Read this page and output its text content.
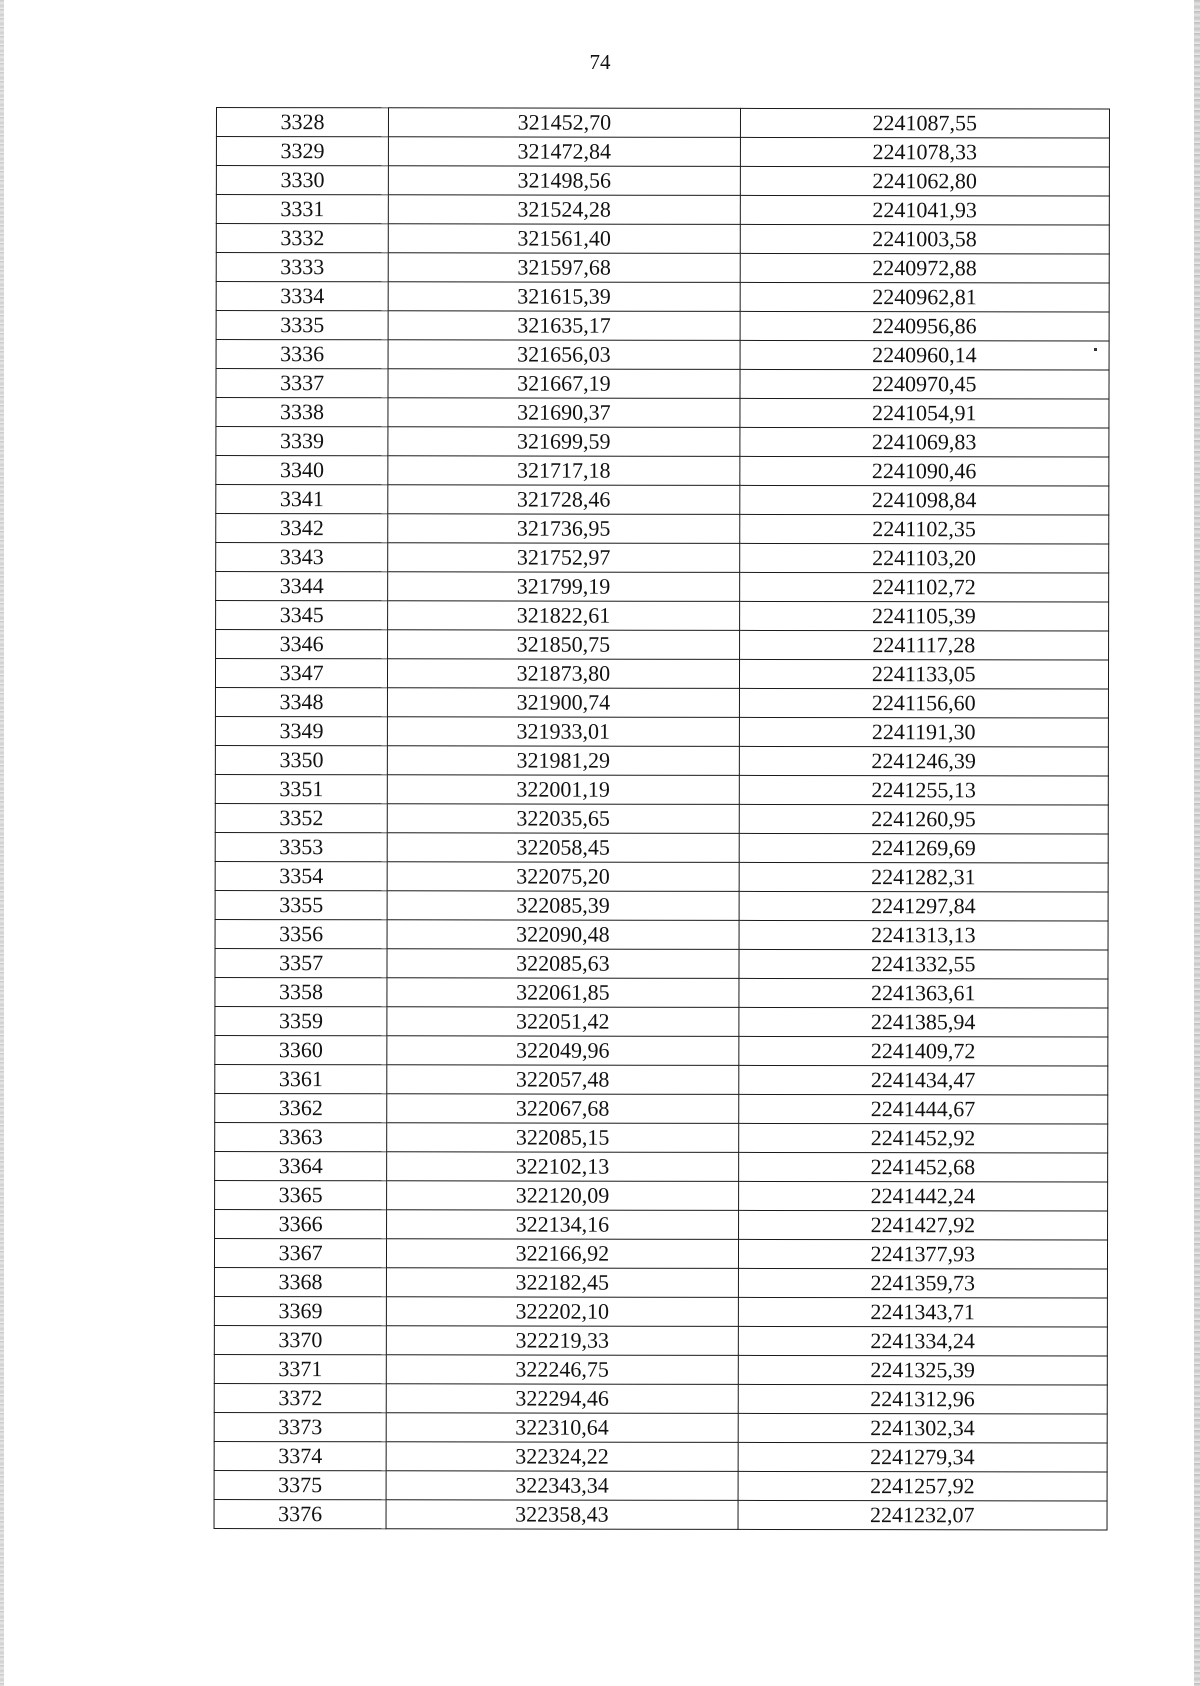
74
3328	321452,70	2241087,55
3329	321472,84	2241078,33
3330	321498,56	2241062,80
3331	321524,28	2241041,93
3332	321561,40	2241003,58
3333	321597,68	2240972,88
3334	321615,39	2240962,81
3335	321635,17	2240956,86
3336	321656,03	2240960,14
3337	321667,19	2240970,45
3338	321690,37	2241054,91
3339	321699,59	2241069,83
3340	321717,18	2241090,46
3341	321728,46	2241098,84
3342	321736,95	2241102,35
3343	321752,97	2241103,20
3344	321799,19	2241102,72
3345	321822,61	2241105,39
3346	321850,75	2241117,28
3347	321873,80	2241133,05
3348	321900,74	2241156,60
3349	321933,01	2241191,30
3350	321981,29	2241246,39
3351	322001,19	2241255,13
3352	322035,65	2241260,95
3353	322058,45	2241269,69
3354	322075,20	2241282,31
3355	322085,39	2241297,84
3356	322090,48	2241313,13
3357	322085,63	2241332,55
3358	322061,85	2241363,61
3359	322051,42	2241385,94
3360	322049,96	2241409,72
3361	322057,48	2241434,47
3362	322067,68	2241444,67
3363	322085,15	2241452,92
3364	322102,13	2241452,68
3365	322120,09	2241442,24
3366	322134,16	2241427,92
3367	322166,92	2241377,93
3368	322182,45	2241359,73
3369	322202,10	2241343,71
3370	322219,33	2241334,24
3371	322246,75	2241325,39
3372	322294,46	2241312,96
3373	322310,64	2241302,34
3374	322324,22	2241279,34
3375	322343,34	2241257,92
3376	322358,43	2241232,07
